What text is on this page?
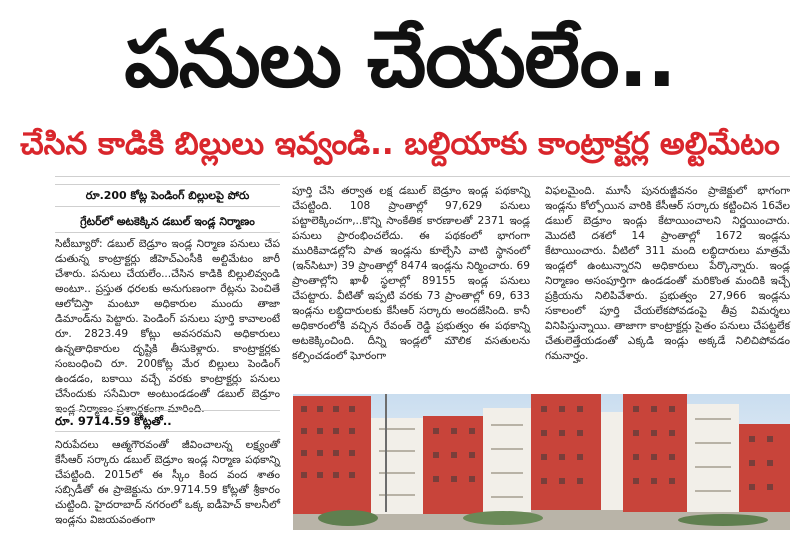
పనులు చేయలేం..
చేసిన కాడికి బిల్లులు ఇవ్వండి.. బల్దియాకు కాంట్రాక్టర్ల అల్టిమేటం
రూ.200 కోట్ల పెండింగ్ బిల్లులపై పోరు
గ్రేటర్‌లో అటకెక్కిన డబుల్ ఇండ్ల నిర్మాణం

సిటీబ్యూరో: డబుల్ బెడ్రూం ఇండ్ల నిర్మాణ పనులు చేప డుతున్న కాంట్రాక్టర్లు జీహెచ్ఎంసీకి అల్టిమేటం జారీ చేశారు. పనులు చేయలేం...చేసిన కాడికి బిల్లులివ్వండి అంటూ.. ప్రస్తుత ధరలకు అనుగుణంగా రేట్లను పెంచితే ఆలోచిస్తా మంటూ అధికారుల ముందు తాజా డిమాండ్‌ను పెట్టారు. పెండింగ్ పనులు పూర్తి కావాలంటే రూ. 2823.49 కోట్లు అవసరమని అధికారులు ఉన్నతాధికారుల దృష్టికి తీసుకెళ్లారు. కాంట్రాక్టర్లకు సంబంధించి రూ. 200కోట్ల మేర బిల్లులు పెండింగ్ ఉండడం, బకాయి వచ్చే వరకు కాంట్రాక్టర్లు పనులు చేసేందుకు ససేమిరా అంటుండడంతో డబుల్ బెడ్రూం ఇండ్ల నిర్మాణం ప్రశ్నార్థకంగా మారింది.

రూ. 9714.59 కోట్లతో..

నిరుపేదలు ఆత్మగౌరవంతో జీవించాలన్న లక్ష్యంతో కేసీఆర్ సర్కారు డబుల్ బెడ్రూం ఇండ్ల నిర్మాణ పథకాన్ని చేపట్టింది. 2015లో ఈ స్కీం కింద వంద శాతం సబ్సిడీతో ఈ ప్రాజెక్టును రూ.9714.59 కోట్లతో శ్రీకారం చుట్టింది. హైదరాబాద్ నగరంలో ఒక్క ఐడీహెచ్ కాలనీలో ఇండ్లను విజయవంతంగా

పూర్తి చేసి తర్వాత లక్ష డబుల్ బెడ్రూం ఇండ్ల పథకాన్ని చేపట్టింది. 108 ప్రాంతాల్లో 97,629 పనులు పట్టాలెక్కించగా,..కొన్ని సాంకేతిక కారణాలతో 2371 ఇండ్ల పనులు ప్రారంభించలేదు. ఈ పథకంలో భాగంగా మురికివాడల్లోని పాత ఇండ్లను కూల్చేసి వాటి స్థానంలో (ఇన్‌సిటూ) 39 ప్రాంతాల్లో 8474 ఇండ్లను నిర్మించారు. 69 ప్రాంతాల్లోని ఖాళీ స్థలాల్లో 89155 ఇండ్ల పనులు చేపట్టారు. వీటితో ఇప్పటి వరకు 73 ప్రాంతాల్లో 69, 633 ఇండ్లను లబ్ధిదారులకు కేసీఆర్ సర్కారు అందజేసింది. కానీ అధికారంలోకి వచ్చిన రేవంత్ రెడ్డి ప్రభుత్వం ఈ పథకాన్ని అటకెక్కించింది. దీన్ని ఇండ్లలో మౌలిక వసతులను కల్పించడంలో ఘోరంగా

విఫలమైంది. మూసీ పునరుజ్జీవనం ప్రాజెక్టులో భాగంగా ఇండ్లను కోల్పోయిన వారికి కేసీఆర్ సర్కారు కట్టించిన 16వేల డబుల్ బెడ్రూం ఇండ్లు కేటాయించాలని నిర్ణయించారు. మొదటి దశలో 14 ప్రాంతాల్లో 1672 ఇండ్లను కేటాయించారు. వీటిలో 311 మంది లబ్ధిదారులు మాత్రమే ఇండ్లలో ఉంటున్నారని అధికారులు పేర్కొన్నారు. ఇండ్ల నిర్మాణం అసంపూర్తిగా ఉండడంతో మరికొంత మందికి ఇచ్చే ప్రక్రియను నిలిపివేశారు. ప్రభుత్వం 27,966 ఇండ్లను సకాలంలో పూర్తి చేయలేకపోవడంపై తీవ్ర విమర్శలు వినిపిస్తున్నాయి. తాజాగా కాంట్రాక్టర్లు సైతం పనులు చేపట్టలేక చేతులెత్తేయడంతో ఎక్కడి ఇండ్లు అక్కడే నిలిచిపోవడం గమనార్హం.
